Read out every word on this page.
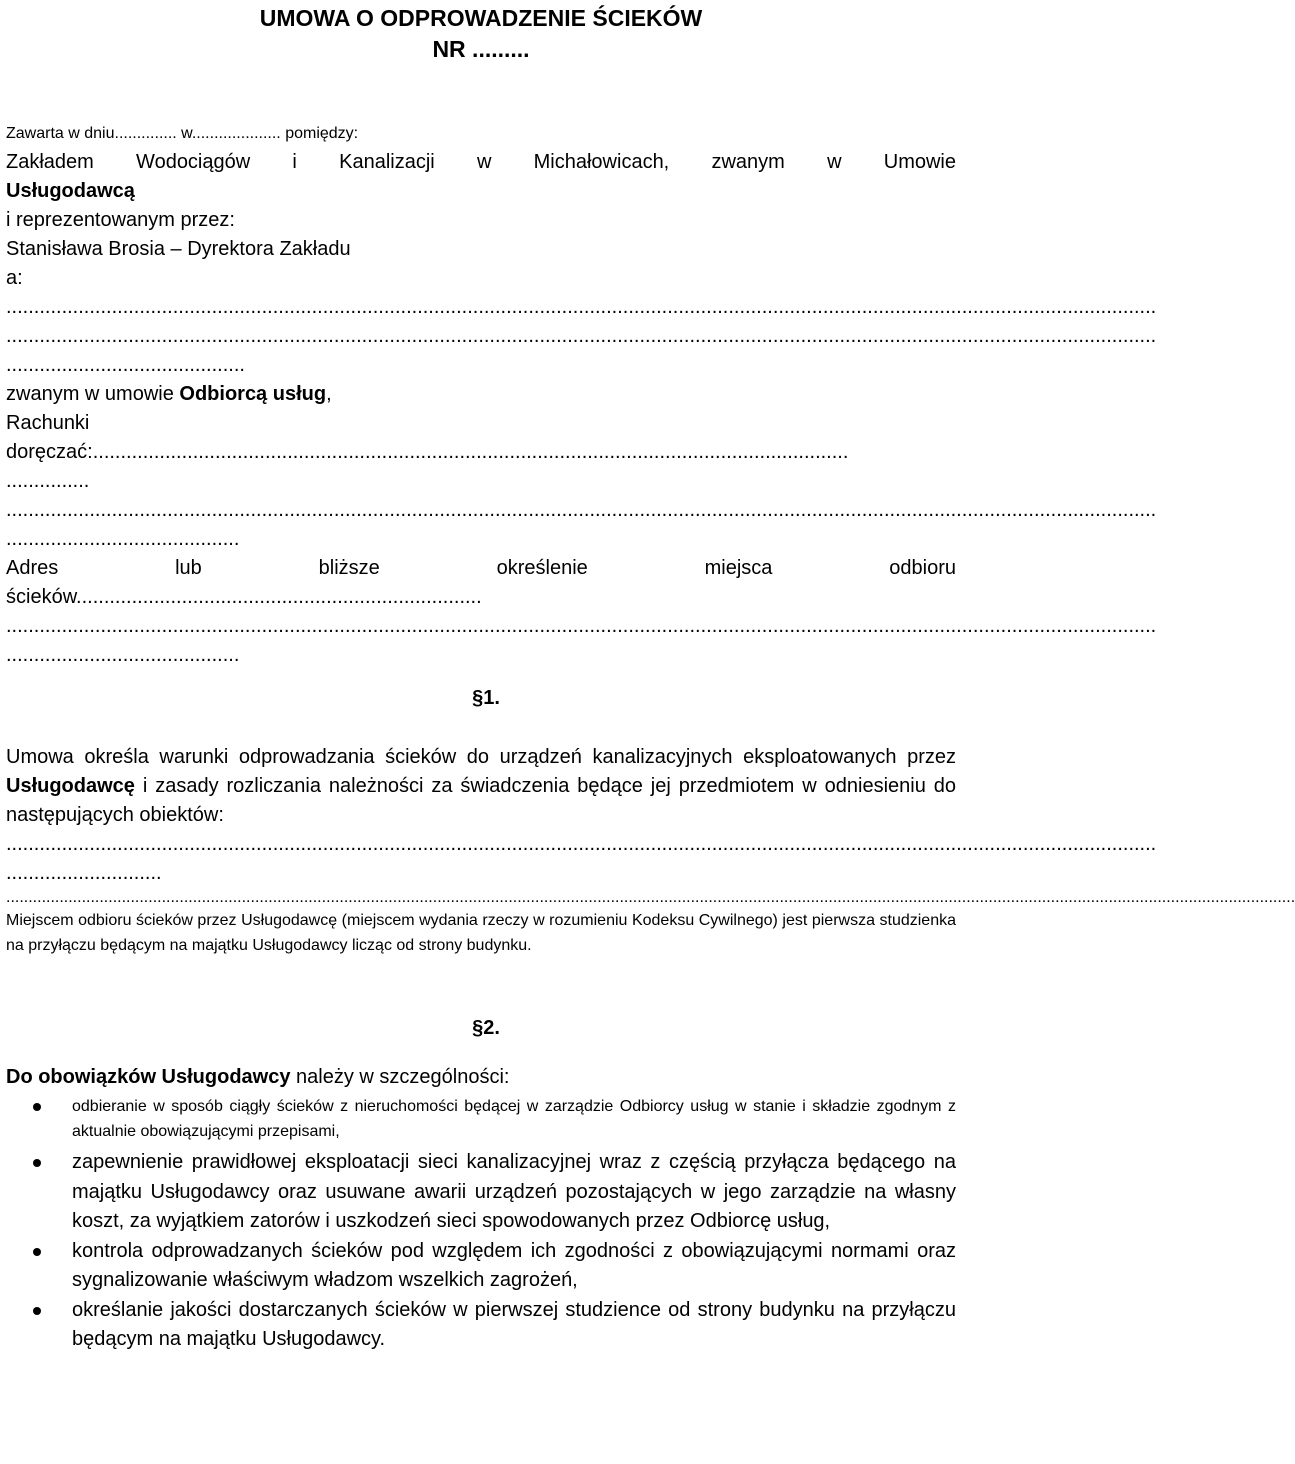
UMOWA O ODPROWADZENIE ŚCIEKÓW

NR .........

Zawarta w dniu.............. w.................... pomiędzy:

Zakładem Wodociągów i Kanalizacji w Michałowicach, zwanym w Umowie

Usługodawcą

i reprezentowanym przez:

Stanisława Brosia – Dyrektora Zakładu

a:

...............................................................................................................................................................................................................

...............................................................................................................................................................................................................

...........................................

zwanym w umowie Odbiorcą usług,

Rachunki

doręczać:........................................................................................................................................

...............

...............................................................................................................................................................................................................

..........................................

Adres lub bliższe określenie miejsca odbioru

ścieków.........................................................................

...............................................................................................................................................................................................................

..........................................

§1.

Umowa określa warunki odprowadzania ścieków do urządzeń kanalizacyjnych eksploatowanych przez Usługodawcę i zasady rozliczania należności za świadczenia będące jej przedmiotem w odniesieniu do następujących obiektów:

...............................................................................................................................................................................................................

............................

..................................................................................................................................................................................................................................................................................................

Miejscem odbioru ścieków przez Usługodawcę (miejscem wydania rzeczy w rozumieniu Kodeksu Cywilnego) jest pierwsza studzienka na przyłączu będącym na majątku Usługodawcy licząc od strony budynku.

§2.

Do obowiązków Usługodawcy należy w szczególności:

odbieranie w sposób ciągły ścieków z nieruchomości będącej w zarządzie Odbiorcy usług w stanie i składzie zgodnym z aktualnie obowiązującymi przepisami,
zapewnienie prawidłowej eksploatacji sieci kanalizacyjnej wraz z częścią przyłącza będącego na majątku Usługodawcy oraz usuwane awarii urządzeń pozostających w jego zarządzie na własny koszt, za wyjątkiem zatorów i uszkodzeń sieci spowodowanych przez Odbiorcę usług,
kontrola odprowadzanych ścieków pod względem ich zgodności z obowiązującymi normami oraz sygnalizowanie właściwym władzom wszelkich zagrożeń,
określanie jakości dostarczanych ścieków w pierwszej studzience od strony budynku na przyłączu będącym na majątku Usługodawcy.
